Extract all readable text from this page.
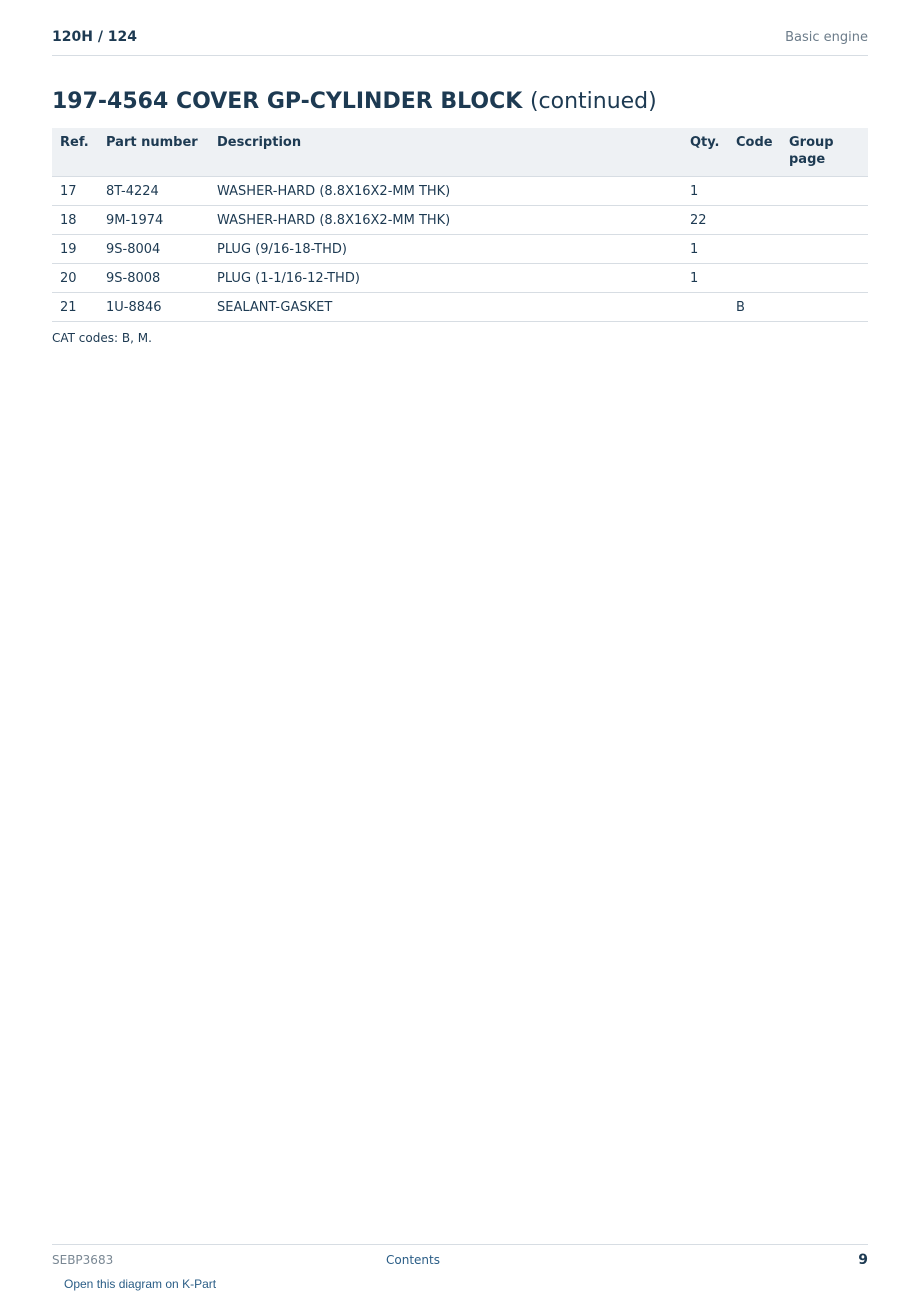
120H / 124	Basic engine
197-4564 COVER GP-CYLINDER BLOCK (continued)
Ref.	Part number	Description	Qty.	Code	Group page
17	8T-4224	WASHER-HARD (8.8X16X2-MM THK)	1		
18	9M-1974	WASHER-HARD (8.8X16X2-MM THK)	22		
19	9S-8004	PLUG (9/16-18-THD)	1		
20	9S-8008	PLUG (1-1/16-12-THD)	1		
21	1U-8846	SEALANT-GASKET		B	

CAT codes: B, M.

SEBP3683	Contents	9
Open this diagram on K-Part
